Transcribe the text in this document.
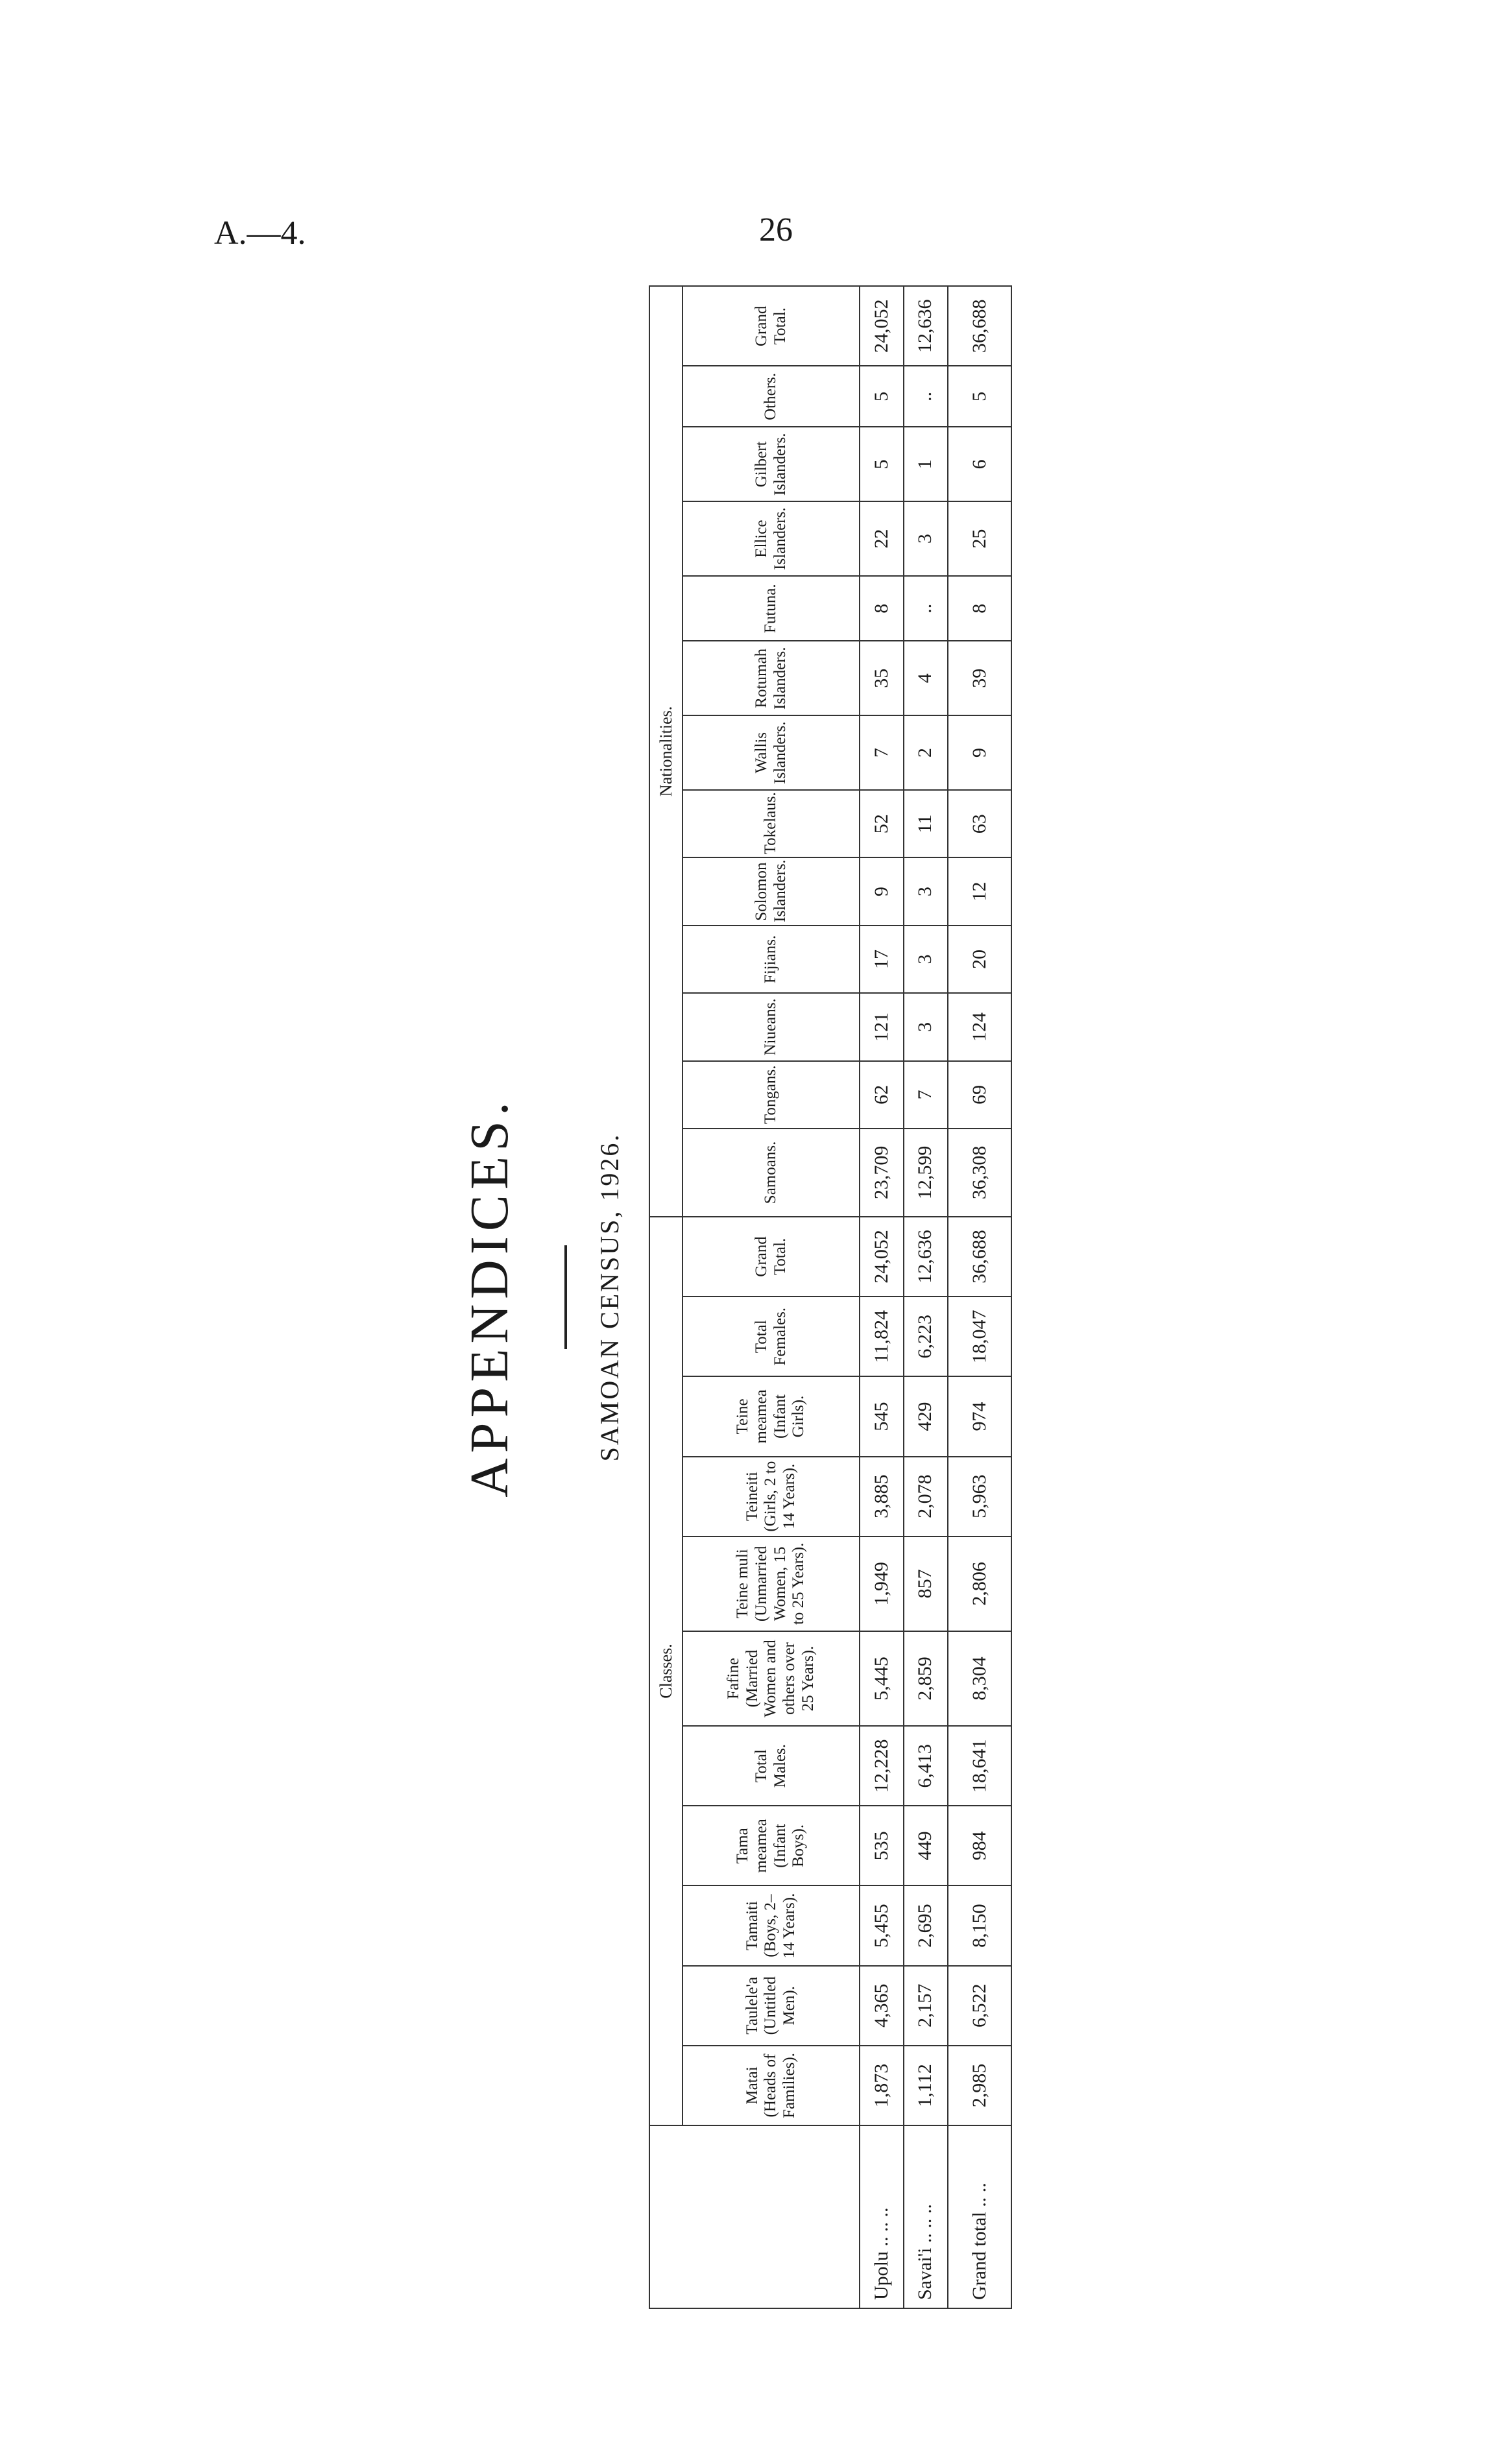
A.—4.	26
APPENDICES.	SAMOAN CENSUS, 1926.
	Classes.											Nationalities.												
	Matai (Heads of Families).	Taulele'a (Untitled Men).	Tamaiti (Boys, 2–14 Years).	Tama meamea (Infant Boys).	Total Males.	Fafine (Married Women and others over 25 Years).	Teine muli (Unmarried Women, 15 to 25 Years).	Teineiti (Girls, 2 to 14 Years).	Teine meamea (Infant Girls).	Total Females.	Grand Total.	Samoans.	Tongans.	Niueans.	Fijians.	Solomon Islanders.	Tokelaus.	Wallis Islanders.	Rotumah Islanders.	Futuna.	Ellice Islanders.	Gilbert Islanders.	Others.	Grand Total.
Upolu .. .. ..	1,873	4,365	5,455	535	12,228	5,445	1,949	3,885	545	11,824	24,052	23,709	62	121	17	9	52	7	35	8	22	5	5	24,052
Savai'i .. .. ..	1,112	2,157	2,695	449	6,413	2,859	857	2,078	429	6,223	12,636	12,599	7	3	3	3	11	2	4	..	3	1	..	12,636
Grand total .. ..	2,985	6,522	8,150	984	18,641	8,304	2,806	5,963	974	18,047	36,688	36,308	69	124	20	12	63	9	39	8	25	6	5	36,688
